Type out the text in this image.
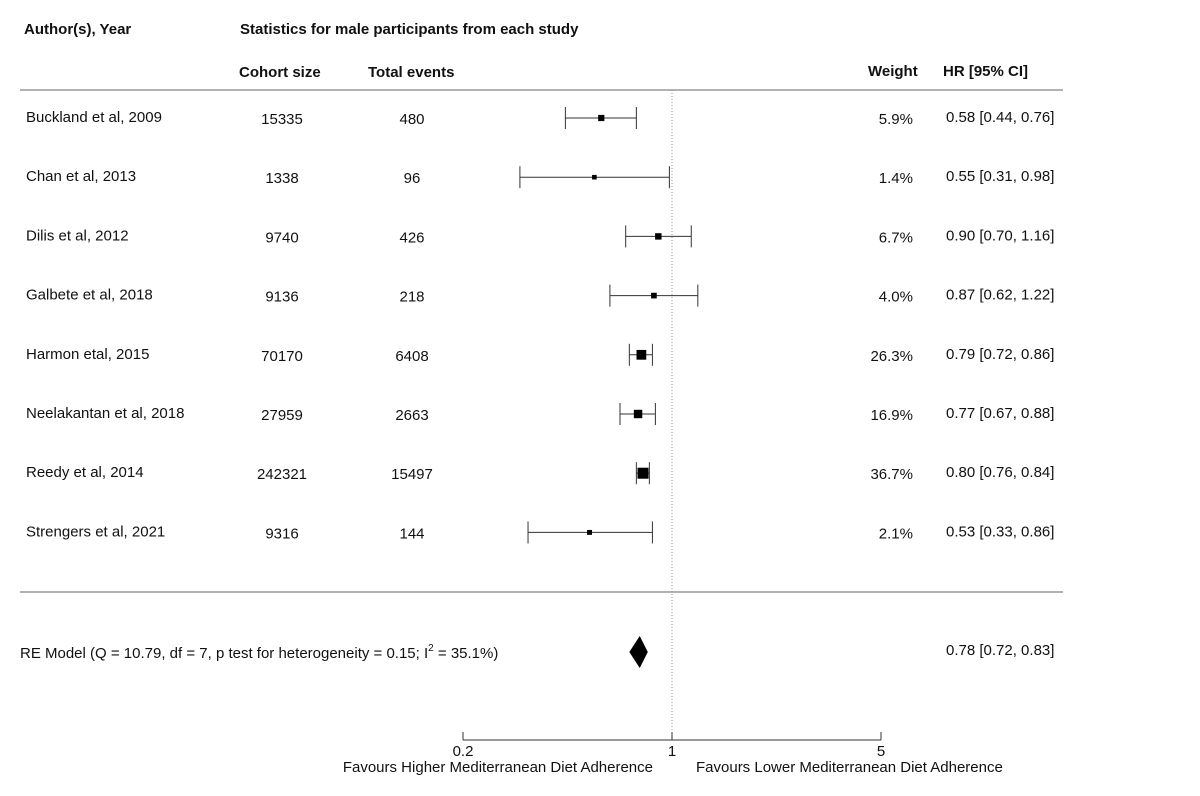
Author(s), Year	Statistics for male participants from each study
Cohort size	Total events	Weight HR [95% CI]
Buckland et al, 2009	15335	480	5.9% 0.58 [0.44, 0.76]
Chan et al, 2013	1338	96	1.4% 0.55 [0.31, 0.98]
Dilis et al, 2012	9740	426	6.7% 0.90 [0.70, 1.16]
Galbete et al, 2018	9136	218	4.0% 0.87 [0.62, 1.22]
Harmon etal, 2015	70170	6408	26.3% 0.79 [0.72, 0.86]
Neelakantan et al, 2018	27959	2663	16.9% 0.77 [0.67, 0.88]
Reedy et al, 2014	242321	15497	36.7% 0.80 [0.76, 0.84]
Strengers et al, 2021	9316	144	2.1% 0.53 [0.33, 0.86]
RE Model (Q = 10.79, df = 7, p test for heterogeneity = 0.15; $I^2 = 35.1\%$)	0.78 [0.72, 0.83]
0.2	1	5
Favours Higher Mediterranean Diet Adherence	Favours Lower Mediterranean Diet Adherence
